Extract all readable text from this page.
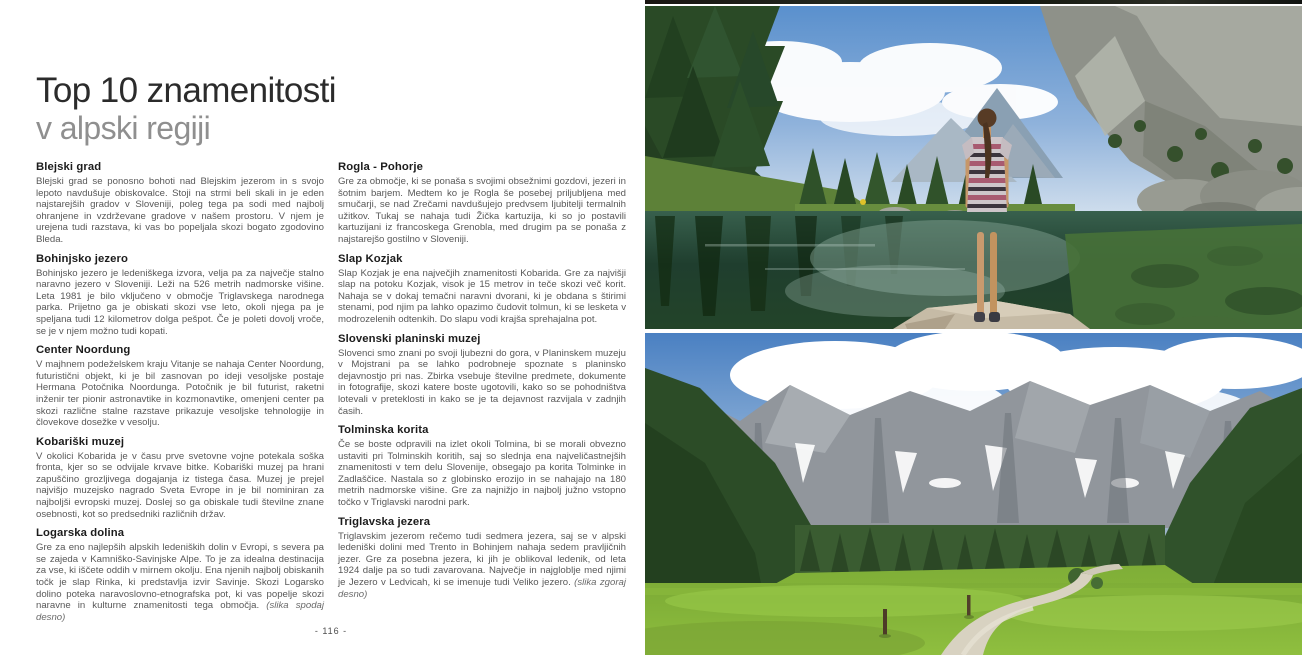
Top 10 znamenitosti
v alpski regiji
Blejski grad

Blejski grad se ponosno bohoti nad Blejskim jezerom in s svojo lepoto navdušuje obiskovalce. Stoji na strmi beli skali in je eden najstarejših gradov v Sloveniji, poleg tega pa sodi med najbolj ohranjene in vzdrževane gradove v našem prostoru. V njem je urejena tudi razstava, ki vas bo popeljala skozi bogato zgodovino Bleda.

Bohinjsko jezero

Bohinjsko jezero je ledeniškega izvora, velja pa za največje stalno naravno jezero v Sloveniji. Leži na 526 metrih nadmorske višine. Leta 1981 je bilo vključeno v območje Triglavskega narodnega parka. Prijetno ga je obiskati skozi vse leto, okoli njega pa je speljana tudi 12 kilometrov dolga pešpot. Če je poleti dovolj vroče, se je v njem možno tudi kopati.

Center Noordung

V majhnem podeželskem kraju Vitanje se nahaja Center Noordung, futuristični objekt, ki je bil zasnovan po ideji vesoljske postaje Hermana Potočnika Noordunga. Potočnik je bil futurist, raketni inženir ter pionir astronavtike in kozmonavtike, omenjeni center pa skozi različne stalne razstave prikazuje vesoljske tehnologije in človekove dosežke v vesolju.

Kobariški muzej

V okolici Kobarida je v času prve svetovne vojne potekala soška fronta, kjer so se odvijale krvave bitke. Kobariški muzej pa hrani zapuščino grozljivega dogajanja iz tistega časa. Muzej je prejel najvišjo muzejsko nagrado Sveta Evrope in je bil nominiran za najboljši evropski muzej. Doslej so ga obiskale tudi številne znane osebnosti, kot so predsedniki različnih držav.

Logarska dolina

Gre za eno najlepših alpskih ledeniških dolin v Evropi, s severa pa se zajeda v Kamniško-Savinjske Alpe. To je za idealna destinacija za vse, ki iščete oddih v mirnem okolju. Ena njenih najbolj obiskanih točk je slap Rinka, ki predstavlja izvir Savinje. Skozi Logarsko dolino poteka naravoslovno-etnografska pot, ki vas popelje skozi naravne in kulturne znamenitosti tega območja. (slika spodaj desno)

Rogla - Pohorje

Gre za območje, ki se ponaša s svojimi obsežnimi gozdovi, jezeri in šotnim barjem. Medtem ko je Rogla še posebej priljubljena med smučarji, se nad Zrečami navdušujejo predvsem ljubitelji termalnih užitkov. Tukaj se nahaja tudi Žička kartuzija, ki so jo postavili kartuzijani iz francoskega Grenobla, med drugim pa se ponaša z najstarejšo gostilno v Sloveniji.

Slap Kozjak

Slap Kozjak je ena največjih znamenitosti Kobarida. Gre za najvišji slap na potoku Kozjak, visok je 15 metrov in teče skozi več korit. Nahaja se v dokaj temačni naravni dvorani, ki je obdana s štirimi stenami, pod njim pa lahko opazimo čudovit tolmun, ki se lesketa v modrozelenih odtenkih. Do slapu vodi krajša sprehajalna pot.

Slovenski planinski muzej

Slovenci smo znani po svoji ljubezni do gora, v Planinskem muzeju v Mojstrani pa se lahko podrobneje spoznate s planinsko dejavnostjo pri nas. Zbirka vsebuje številne predmete, dokumente in fotografije, skozi katere boste ugotovili, kako so se pohodništva lotevali v preteklosti in kako se je ta dejavnost razvijala v zadnjih časih.

Tolminska korita

Če se boste odpravili na izlet okoli Tolmina, bi se morali obvezno ustaviti pri Tolminskih koritih, saj so slednja ena najveličastnejših znamenitosti v tem delu Slovenije, obsegajo pa korita Tolminke in Zadlaščice. Nastala so z globinsko erozijo in se nahajajo na 180 metrih nadmorske višine. Gre za najnižjo in najbolj južno vstopno točko v Triglavski narodni park.

Triglavska jezera

Triglavskim jezerom rečemo tudi sedmera jezera, saj se v alpski ledeniški dolini med Trento in Bohinjem nahaja sedem pravljičnih jezer. Gre za posebna jezera, ki jih je oblikoval ledenik, od leta 1924 dalje pa so tudi zavarovana. Največje in najgloblje med njimi je Jezero v Ledvicah, ki se imenuje tudi Veliko jezero. (slika zgoraj desno)

- 116 -
